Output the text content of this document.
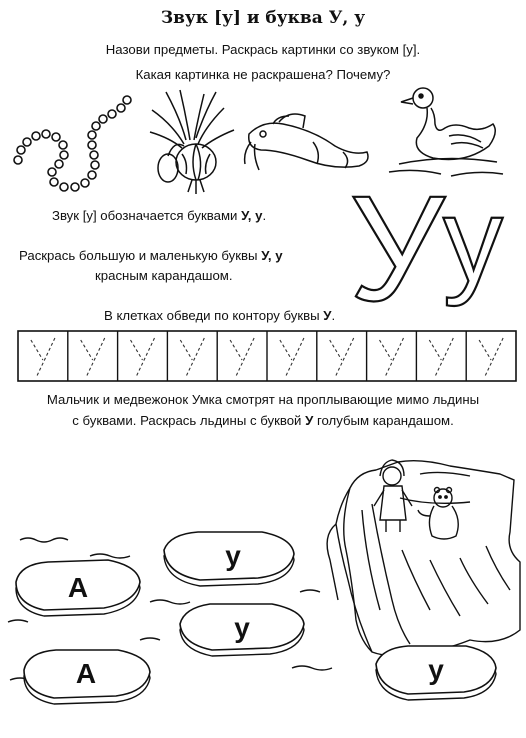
Звук [у] и буква У, у
Назови предметы. Раскрась картинки со звуком [у].
Какая картинка не раскрашена? Почему?
У
у
Звук [у] обозначается буквами У, у.
Раскрась большую и маленькую буквы У, у
красным карандашом.
В клетках обведи по контору буквы У.
Мальчик и медвежонок Умка смотрят на проплывающие мимо льдины
с буквами. Раскрась льдины с буквой У голубым карандашом.
А
у
у
А	у
